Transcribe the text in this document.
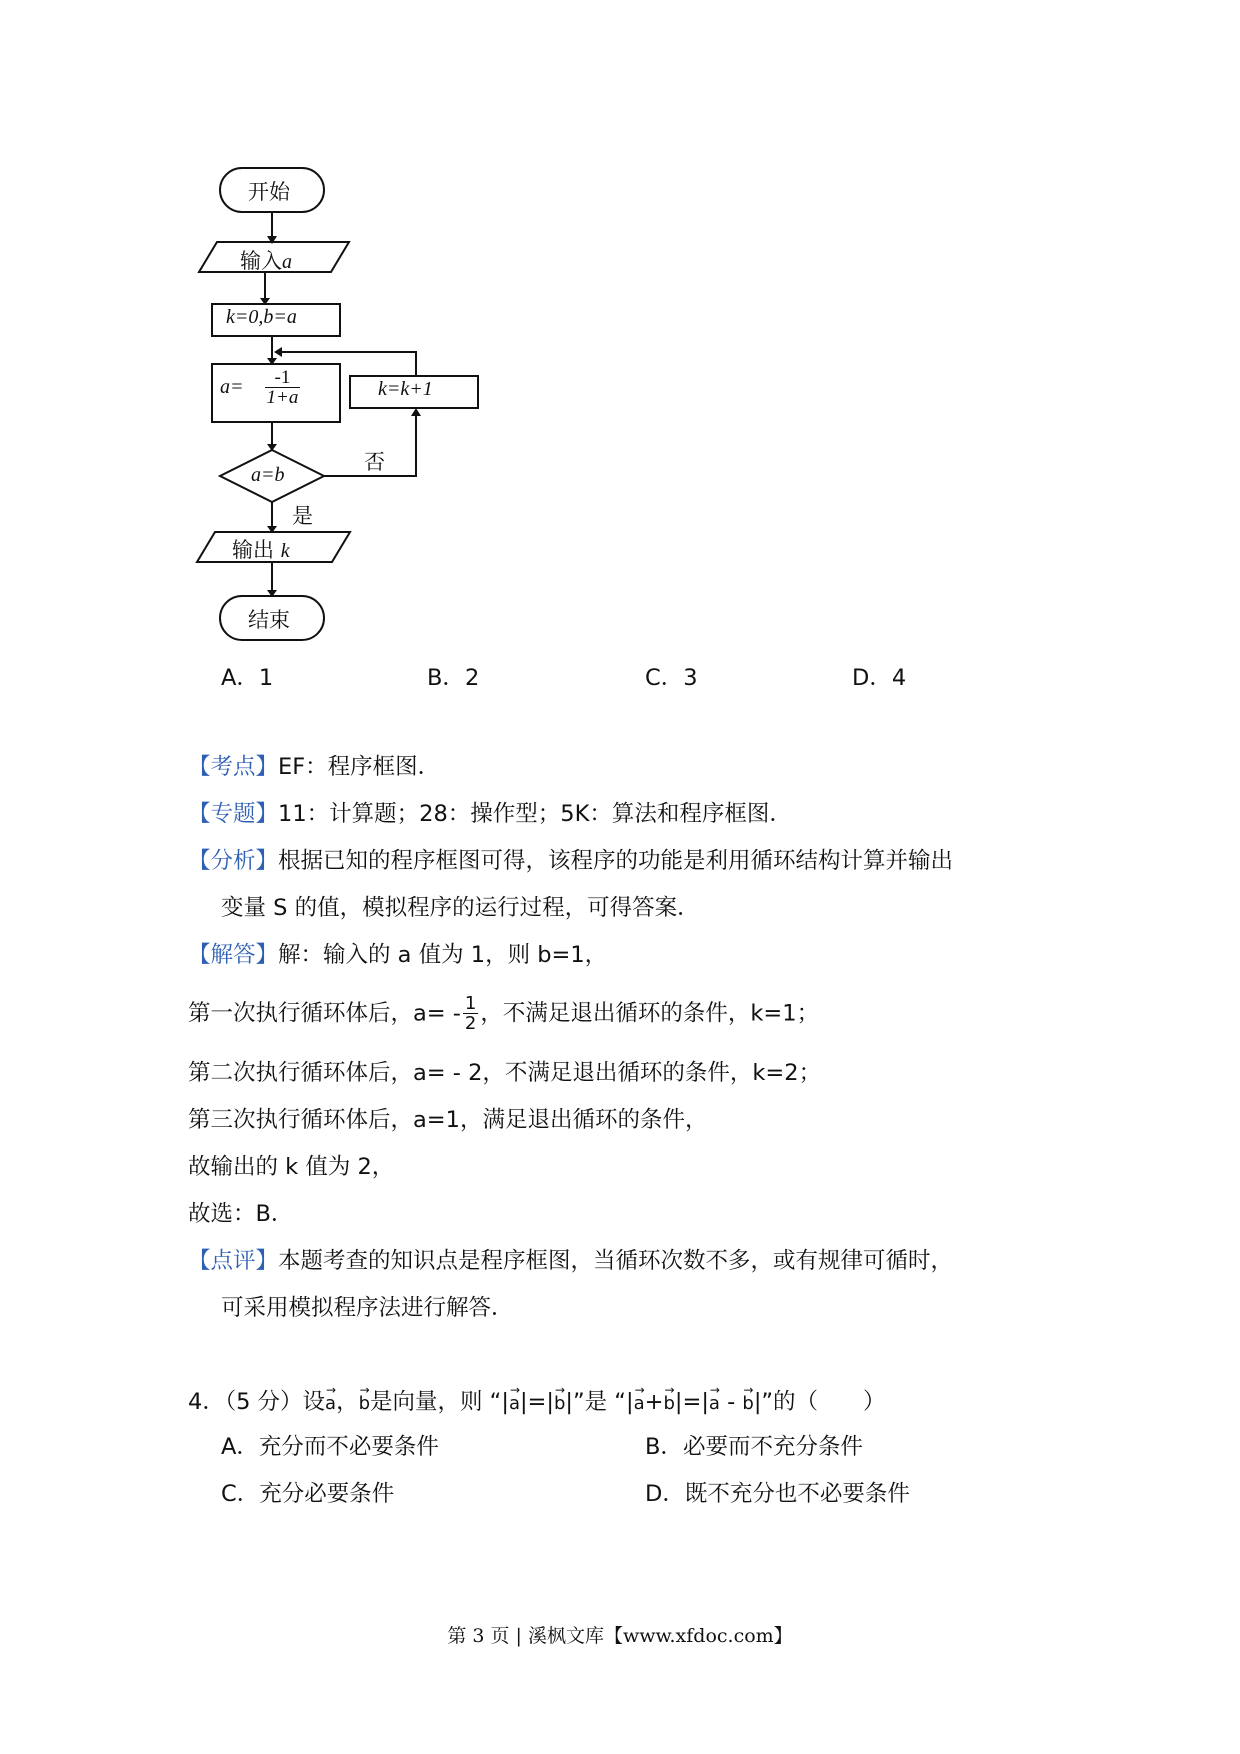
开始
输入a
k=0,b=a
$a= \frac{-1}{1+a}$	k=k+1
a=b
否
是
输出 k
结束
A．1	B．2	C．3	D．4
【考点】EF：程序框图．
【专题】11：计算题；28：操作型；5K：算法和程序框图．
【分析】根据已知的程序框图可得，该程序的功能是利用循环结构计算并输出
变量 S 的值，模拟程序的运行过程，可得答案．
【解答】解：输入的 a 值为 1，则 b=1，
第一次执行循环体后，$a= - \frac{1}{2}$ ，不满足退出循环的条件，k=1；
第二次执行循环体后，a= - 2，不满足退出循环的条件，k=2；
第三次执行循环体后，a=1，满足退出循环的条件，
故输出的 k 值为 2，
故选：B．
【点评】本题考查的知识点是程序框图，当循环次数不多，或有规律可循时，
可采用模拟程序法进行解答．
4．（5 分）设→ a，→ b是向量，则 “|→ a|=|→ b|”是 “|→ a+→ b|=|→ a - → b|”的（　　）
A．充分而不必要条件	B．必要而不充分条件
C．充分必要条件	D．既不充分也不必要条件
第 3 页 | 溪枫文库【www.xfdoc.com】
